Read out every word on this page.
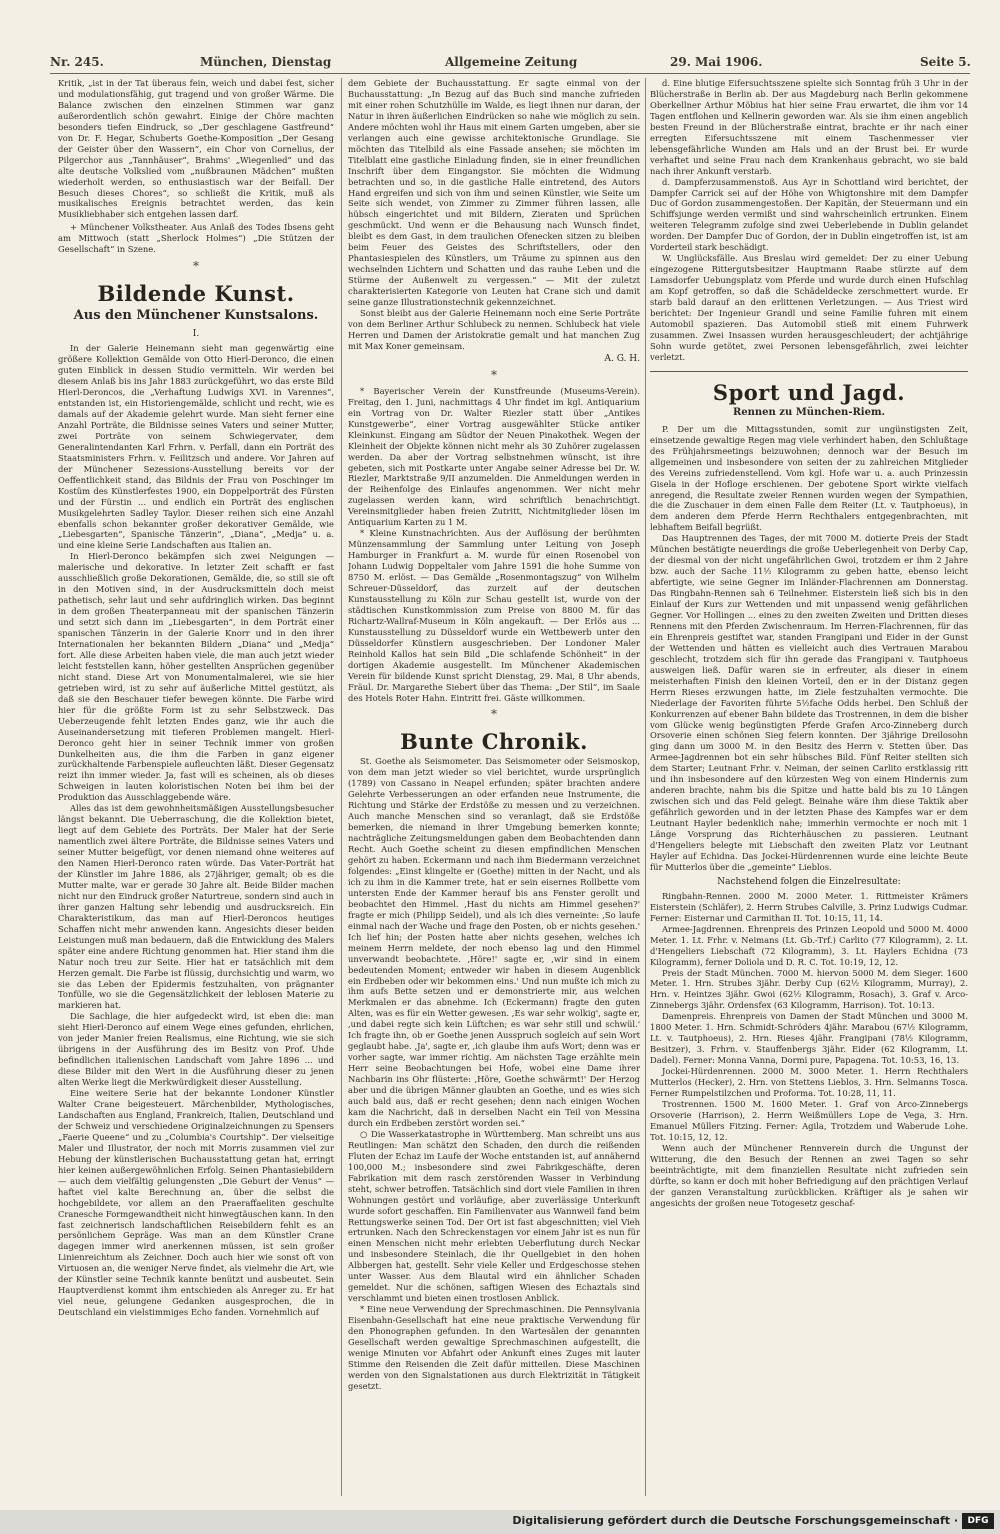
Nr. 245.	München, Dienstag	Allgemeine Zeitung	29. Mai 1906.	Seite 5.

Kritik, „ist in der Tat überaus fein, weich und dabei fest, sicher und modulationsfähig, gut tragend und von großer Wärme. Die Balance zwischen den einzelnen Stimmen war ganz außerordentlich schön gewahrt. Einige der Chöre machten besonders tiefen Eindruck, so „Der geschlagene Gastfreund“ von Dr. F. Hegar, Schuberts Goethe-Komposition „Der Gesang der Geister über den Wassern“, ein Chor von Cornelius, der Pilgerchor aus „Tannhäuser“, Brahms' „Wiegenlied“ und das alte deutsche Volkslied vom „nußbraunen Mädchen“ mußten wiederholt werden, so enthusiastisch war der Beifall. Der Besuch dieses Chores“, so schließt die Kritik, muß als musikalisches Ereignis betrachtet werden, das kein Musikliebhaber sich entgehen lassen darf.

+ Münchener Volkstheater. Aus Anlaß des Todes Ibsens geht am Mittwoch (statt „Sherlock Holmes“) „Die Stützen der Gesellschaft“ in Szene.

*
Bildende Kunst.
Aus den Münchener Kunstsalons.
I.

In der Galerie Heinemann sieht man gegenwärtig eine größere Kollektion Gemälde von Otto Hierl-Deronco, die einen guten Einblick in dessen Studio vermitteln. Wir werden bei diesem Anlaß bis ins Jahr 1883 zurückgeführt, wo das erste Bild Hierl-Deroncos, die „Verhaftung Ludwigs XVI. in Varennes“, entstanden ist, ein Historiengemälde, schlicht und recht, wie es damals auf der Akademie gelehrt wurde. Man sieht ferner eine Anzahl Porträte, die Bildnisse seines Vaters und seiner Mutter, zwei Porträte von seinem Schwiegervater, dem Generalintendanten Karl Frhrn. v. Perfall, dann ein Porträt des Staatsministers Frhrn. v. Feilitzsch und andere. Vor Jahren auf der Münchener Sezessions-Ausstellung bereits vor der Oeffentlichkeit stand, das Bildnis der Frau von Poschinger im Kostüm des Künstlerfestes 1900, ein Doppelporträt des Fürsten und der Fürstin ... und endlich ein Porträt des englischen Musikgelehrten Sadley Taylor. Dieser reihen sich eine Anzahl ebenfalls schon bekannter großer dekorativer Gemälde, wie „Liebesgarten“, Spanische Tänzerin“, „Diana“, „Medja“ u. a. und eine kleine Serie Landschaften aus Italien an.

In Hierl-Deronco bekämpfen sich zwei Neigungen — malerische und dekorative. In letzter Zeit schafft er fast ausschließlich große Dekorationen, Gemälde, die, so still sie oft in den Motiven sind, in der Ausdrucksmitteln doch meist pathetisch, sehr laut und sehr aufdringlich wirken. Das beginnt in dem großen Theaterpanneau mit der spanischen Tänzerin und setzt sich dann im „Liebesgarten“, in dem Porträt einer spanischen Tänzerin in der Galerie Knorr und in den ihrer Internationalen her bekannten Bildern „Diana“ und „Medja“ fort. Alle diese Arbeiten haben viele, die man auch jetzt wieder leicht feststellen kann, höher gestellten Ansprüchen gegenüber nicht stand. Diese Art von Monumentalmalerei, wie sie hier getrieben wird, ist zu sehr auf äußerliche Mittel gestützt, als daß sie den Beschauer tiefer bewegen könnte. Die Farbe wird hier für die größte Form ist zu sehr Selbstzweck. Das Ueberzeugende fehlt letzten Endes ganz, wie ihr auch die Auseinandersetzung mit tieferen Problemen mangelt. Hierl-Deronco geht hier in seiner Technik immer von großen Dunkelheiten aus, die ihm die Farben in ganz eigener zurückhaltende Farbenspiele aufleuchten läßt. Dieser Gegensatz reizt ihn immer wieder. Ja, fast will es scheinen, als ob dieses Schweigen in lauten koloristischen Noten bei ihm bei der Produktion das Ausschlaggebende wäre.

Alles das ist dem gewohnheitsmäßigen Ausstellungsbesucher längst bekannt. Die Ueberraschung, die die Kollektion bietet, liegt auf dem Gebiete des Porträts. Der Maler hat der Serie namentlich zwei ältere Porträte, die Bildnisse seines Vaters und seiner Mutter beigefügt, vor denen niemand ohne weiteres auf den Namen Hierl-Deronco raten würde. Das Vater-Porträt hat der Künstler im Jahre 1886, als 27jähriger, gemalt; ob es die Mutter malte, war er gerade 30 Jahre alt. Beide Bilder machen nicht nur den Eindruck großer Naturtreue, sondern sind auch in ihrer ganzen Haltung sehr lebendig und ausdrucksreich. Ein Charakteristikum, das man auf Hierl-Deroncos heutiges Schaffen nicht mehr anwenden kann. Angesichts dieser beiden Leistungen muß man bedauern, daß die Entwicklung des Malers später eine andere Richtung genommen hat. Hier stand ihm die Natur noch treu zur Seite. Hier hat er tatsächlich mit dem Herzen gemalt. Die Farbe ist flüssig, durchsichtig und warm, wo sie das Leben der Epidermis festzuhalten, von prägnanter Tonfülle, wo sie die Gegensätzlichkeit der leblosen Materie zu markieren hat.

Die Sachlage, die hier aufgedeckt wird, ist eben die: man sieht Hierl-Deronco auf einem Wege eines gefunden, ehrlichen, von jeder Manier freien Realismus, eine Richtung, wie sie sich übrigens in der Ausführung des im Besitz von Prof. Uhde befindlichen italienischen Landschaft vom Jahre 1896 ... und diese Bilder mit den Wert in die Ausführung dieser zu jenen alten Werke liegt die Merkwürdigkeit dieser Ausstellung.

Eine weitere Serie hat der bekannte Londoner Künstler Walter Crane beigesteuert. Märchenbilder, Mythologisches, Landschaften aus England, Frankreich, Italien, Deutschland und der Schweiz und verschiedene Originalzeichnungen zu Spensers „Faerie Queene“ und zu „Columbia's Courtship“. Der vielseitige Maler und Illustrator, der noch mit Morris zusammen viel zur Hebung der künstlerischen Buchausstattung getan hat, erringt hier keinen außergewöhnlichen Erfolg. Seinen Phantasiebildern — auch dem vielfältig gelungensten „Die Geburt der Venus“ — haftet viel kalte Berechnung an, über die selbst die hochgebildete, vor allem an den Praeraffaeliten geschulte Cranesche Formgewandtheit nicht hinwegtäuschen kann. In den fast zeichnerisch landschaftlichen Reisebildern fehlt es an persönlichem Gepräge. Was man an dem Künstler Crane dagegen immer wird anerkennen müssen, ist sein großer Linienreichtum als Zeichner. Doch auch hier wie sonst oft von Virtuosen an, die weniger Nerve findet, als vielmehr die Art, wie der Künstler seine Technik kannte benützt und ausbeutet. Sein Hauptverdienst kommt ihm entschieden als Anreger zu. Er hat viel neue, gelungene Gedanken ausgesprochen, die in Deutschland ein vielstimmiges Echo fanden. Vornehmlich auf

dem Gebiete der Buchausstattung. Er sagte einmal von der Buchausstattung: „In Bezug auf das Buch sind manche zufrieden mit einer rohen Schutzhülle im Walde, es liegt ihnen nur daran, der Natur in ihren äußerlichen Eindrücken so nahe wie möglich zu sein. Andere möchten wohl ihr Haus mit einem Garten umgeben, aber sie verlangen auch eine gewisse architektonische Grundlage. Sie möchten das Titelbild als eine Fassade ansehen; sie möchten im Titelblatt eine gastliche Einladung finden, sie in einer freundlichen Inschrift über dem Eingangstor. Sie möchten die Widmung betrachten und so, in die gastliche Halle eintretend, des Autors Hand ergreifen und sich von ihm und seinen Künstler, wie Seite um Seite sich wendet, von Zimmer zu Zimmer führen lassen, alle hübsch eingerichtet und mit Bildern, Zieraten und Sprüchen geschmückt. Und wenn er die Behausung nach Wunsch findet, bleibt es dem Gast, in dem traulichen Ofenecken sitzen zu bleiben beim Feuer des Geistes des Schriftstellers, oder den Phantasiespielen des Künstlers, um Träume zu spinnen aus den wechselnden Lichtern und Schatten und das rauhe Leben und die Stürme der Außenwelt zu vergessen.“ — Mit der zuletzt charakterisierten Kategorie von Leuten hat Crane sich und damit seine ganze Illustrationstechnik gekennzeichnet.

Sonst bleibt aus der Galerie Heinemann noch eine Serie Porträte von dem Berliner Arthur Schlubeck zu nennen. Schlubeck hat viele Herren und Damen der Aristokratie gemalt und hat manchen Zug mit Max Koner gemeinsam.

A. G. H.
*

* Bayerischer Verein der Kunstfreunde (Museums-Verein). Freitag, den 1. Juni, nachmittags 4 Uhr findet im kgl. Antiquarium ein Vortrag von Dr. Walter Riezler statt über „Antikes Kunstgewerbe“, einer Vortrag ausgewählter Stücke antiker Kleinkunst. Eingang am Südtor der Neuen Pinakothek. Wegen der Kleinheit der Objekte können nicht mehr als 30 Zuhörer zugelassen werden. Da aber der Vortrag selbstnehmen wünscht, ist ihre gebeten, sich mit Postkarte unter Angabe seiner Adresse bei Dr. W. Riezler, Marktstraße 9/II anzumelden. Die Anmeldungen werden in der Reihenfolge des Einlaufes angenommen. Wer nicht mehr zugelassen werden kann, wird schriftlich benachrichtigt. Vereinsmitglieder haben freien Zutritt, Nichtmitglieder lösen im Antiquarium Karten zu 1 M.

* Kleine Kunstnachrichten. Aus der Auflösung der berühmten Münzensammlung der Sammlung unter Leitung von Joseph Hamburger in Frankfurt a. M. wurde für einen Rosenobel von Johann Ludwig Doppeltaler vom Jahre 1591 die hohe Summe von 8750 M. erlöst. — Das Gemälde „Rosenmontagszug“ von Wilhelm Schreuer-Düsseldorf, das zurzeit auf der deutschen Kunstausstellung zu Köln zur Schau gestellt ist, wurde von der städtischen Kunstkommission zum Preise von 8800 M. für das Richartz-Wallraf-Museum in Köln angekauft. — Der Erlös aus ... Kunstausstellung zu Düsseldorf wurde ein Wettbewerb unter den Düsseldorfer Künstlern ausgeschrieben. Der Londoner Maler Reinhold Kallos hat sein Bild „Die schlafende Schönheit“ in der dortigen Akademie ausgestellt. Im Münchener Akademischen Verein für bildende Kunst spricht Dienstag, 29. Mai, 8 Uhr abends, Fräul. Dr. Margarethe Siebert über das Thema: „Der Stil“, im Saale des Hotels Roter Hahn. Eintritt frei. Gäste willkommen.

*
Bunte Chronik.

St. Goethe als Seismometer. Das Seismometer oder Seismoskop, von dem man jetzt wieder so viel berichtet, wurde ursprünglich (1789) von Cassano in Neapel erfunden; später brachten andere Gelehrte Verbesserungen an oder erfanden neue Instrumente, die Richtung und Stärke der Erdstöße zu messen und zu verzeichnen. Auch manche Menschen sind so veranlagt, daß sie Erdstöße bemerken, die niemand in ihrer Umgebung bemerken konnte; nachträgliche Zeitungsmeldungen gaben dem Beobachtenden dann Recht. Auch Goethe scheint zu diesen empfindlichen Menschen gehört zu haben. Eckermann und nach ihm Biedermann verzeichnet folgendes: „Einst klingelte er (Goethe) mitten in der Nacht, und als ich zu ihm in die Kammer trete, hat er sein eisernes Rollbette vom untersten Ende der Kammer herauf bis ans Fenster gerollt und beobachtet den Himmel. ,Hast du nichts am Himmel gesehen?' fragte er mich (Philipp Seidel), und als ich dies verneinte: ,So laufe einmal nach der Wache und frage den Posten, ob er nichts gesehen.' Ich lief hin; der Posten hatte aber nichts gesehen, welches ich meinem Herrn meldete, der noch ebenso lag und den Himmel unverwandt beobachtete. ,Höre!' sagte er, ,wir sind in einem bedeutenden Moment; entweder wir haben in diesem Augenblick ein Erdbeben oder wir bekommen eins.' Und nun mußte ich mich zu ihm aufs Bette setzen und er demonstrierte mir, aus welchen Merkmalen er das abnehme. Ich (Eckermann) fragte den guten Alten, was es für ein Wetter gewesen. ,Es war sehr wolkig', sagte er, ,und dabei regte sich kein Lüftchen; es war sehr still und schwül.' Ich fragte ihn, ob er Goethe jenen Ausspruch sogleich auf sein Wort geglaubt habe. ,Ja', sagte er, ,ich glaube ihm aufs Wort; denn was er vorher sagte, war immer richtig. Am nächsten Tage erzählte mein Herr seine Beobachtungen bei Hofe, wobei eine Dame ihrer Nachbarin ins Ohr flüsterte: ,Höre, Goethe schwärmt!' Der Herzog aber und die übrigen Männer glaubten an Goethe, und es wies sich auch bald aus, daß er recht gesehen; denn nach einigen Wochen kam die Nachricht, daß in derselben Nacht ein Teil von Messina durch ein Erdbeben zerstört worden sei.“

○ Die Wasserkatastrophe in Württemberg. Man schreibt uns aus Reutlingen: Man schätzt den Schaden, den durch die reißenden Fluten der Echaz im Laufe der Woche entstanden ist, auf annähernd 100,000 M.; insbesondere sind zwei Fabrikgeschäfte, deren Fabrikation mit dem rasch zerstörenden Wasser in Verbindung steht, schwer betroffen. Tatsächlich sind dort viele Familien in ihren Wohnungen gestört und vorläufige, aber zuverlässige Unterkunft wurde sofort geschaffen. Ein Familienvater aus Wannweil fand beim Rettungswerke seinen Tod. Der Ort ist fast abgeschnitten; viel Vieh ertrunken. Nach den Schreckenstagen vor einem Jahr ist es nun für einen Menschen nicht mehr erlebten Ueberflutung durch Neckar und insbesondere Steinlach, die ihr Quellgebiet in den hohen Albbergen hat, gestellt. Sehr viele Keller und Erdgeschosse stehen unter Wasser. Aus dem Blautal wird ein ähnlicher Schaden gemeldet. Nur die schönen, saftigen Wiesen des Echaztals sind verschlammt und bieten einen trostlosen Anblick.

* Eine neue Verwendung der Sprechmaschinen. Die Pennsylvania Eisenbahn-Gesellschaft hat eine neue praktische Verwendung für den Phonographen gefunden. In den Wartesälen der genannten Gesellschaft werden gewaltige Sprechmaschinen aufgestellt, die wenige Minuten vor Abfahrt oder Ankunft eines Zuges mit lauter Stimme den Reisenden die Zeit dafür mitteilen. Diese Maschinen werden von den Signalstationen aus durch Elektrizität in Tätigkeit gesetzt.

d. Eine blutige Eifersuchtsszene spielte sich Sonntag früh 3 Uhr in der Blücherstraße in Berlin ab. Der aus Magdeburg nach Berlin gekommene Oberkellner Arthur Möbius hat hier seine Frau erwartet, die ihm vor 14 Tagen entflohen und Kellnerin geworden war. Als sie ihm einen angeblich besten Freund in der Blücherstraße eintrat, brachte er ihr nach einer erregten Eifersuchtsszene mit einem Taschenmesser vier lebensgefährliche Wunden am Hals und an der Brust bei. Er wurde verhaftet und seine Frau nach dem Krankenhaus gebracht, wo sie bald nach ihrer Ankunft verstarb.

d. Dampferzusammenstoß. Aus Ayr in Schottland wird berichtet, der Dampfer Carrick sei auf der Höhe von Whigtonshire mit dem Dampfer Duc of Gordon zusammengestoßen. Der Kapitän, der Steuermann und ein Schiffsjunge werden vermißt und sind wahrscheinlich ertrunken. Einem weiteren Telegramm zufolge sind zwei Ueberlebende in Dublin gelandet worden. Der Dampfer Duc of Gordon, der in Dublin eingetroffen ist, ist am Vorderteil stark beschädigt.

W. Unglücksfälle. Aus Breslau wird gemeldet: Der zu einer Uebung eingezogene Rittergutsbesitzer Hauptmann Raabe stürzte auf dem Lamsdorfer Uebungsplatz vom Pferde und wurde durch einen Hufschlag am Kopf getroffen, so daß die Schädeldecke zerschmettert wurde. Er starb bald darauf an den erlittenen Verletzungen. — Aus Triest wird berichtet: Der Ingenieur Grandl und seine Familie fuhren mit einem Automobil spazieren. Das Automobil stieß mit einem Fuhrwerk zusammen. Zwei Insassen wurden herausgeschleudert; der achtjährige Sohn wurde getötet, zwei Personen lebensgefährlich, zwei leichter verletzt.

Sport und Jagd.
Rennen zu München-Riem.

P. Der um die Mittagsstunden, somit zur ungünstigsten Zeit, einsetzende gewaltige Regen mag viele verhindert haben, den Schlußtage des Frühjahrsmeetings beizuwohnen; dennoch war der Besuch im allgemeinen und insbesondere von seiten der zu zahlreichen Mitglieder des Vereins zufriedenstellend. Vom kgl. Hofe war u. a. auch Prinzessin Gisela in der Hofloge erschienen. Der gebotene Sport wirkte vielfach anregend, die Resultate zweier Rennen wurden wegen der Sympathien, die die Zuschauer in dem einen Falle dem Reiter (Lt. v. Tautphoeus), in dem anderen dem Pferde Herrn Rechthalers entgegenbrachten, mit lebhaftem Beifall begrüßt.

Das Hauptrennen des Tages, der mit 7000 M. dotierte Preis der Stadt München bestätigte neuerdings die große Ueberlegenheit von Derby Cap, der diesmal von der nicht ungefährlichen Gwoi, trotzdem er ihm 2 Jahre bzw. auch der Sache 11½ Kilogramm zu geben hatte, ebenso leicht abfertigte, wie seine Gegner im Inländer-Flachrennen am Donnerstag. Das Ringbahn-Rennen sah 6 Teilnehmer. Eisterstein ließ sich bis in den Einlauf der Kurs zur Wettenden und mit unpassend wenig gefährlichen Gegner. Vor Hollingen ... eines zu den zweiten Zweiten und Dritten dieses Rennens mit den Pferden Zwischenraum. Im Herren-Flachrennen, für das ein Ehrenpreis gestiftet war, standen Frangipani und Eider in der Gunst der Wettenden und hätten es vielleicht auch dies Vertrauen Marabou geschlecht, trotzdem sich für ihn gerade das Frangipani v. Tautphoeus ausweigen ließ. Dafür waren sie in erfreuter, als dieser in einem meisterhaften Finish den kleinen Vorteil, den er in der Distanz gegen Herrn Rieses erzwungen hatte, im Ziele festzuhalten vermochte. Die Niederlage der Favoriten führte 5½fache Odds herbei. Den Schluß der Konkurrenzen auf ebener Bahn bildete das Trostrennen, in dem die bisher vom Glücke wenig begünstigten Pferde Grafen Arco-Zinneberg durch Orsoverie einen schönen Sieg feiern konnten. Der 3jährige Dreilosohn ging dann um 3000 M. in den Besitz des Herrn v. Stetten über. Das Armee-Jagdrennen bot ein sehr hübsches Bild. Fünf Reiter stellten sich dem Starter; Leutnant Frhr. v. Neiman, der seinen Carlito erstklassig ritt und ihn insbesondere auf den kürzesten Weg von einem Hindernis zum anderen brachte, nahm bis die Spitze und hatte bald bis zu 10 Längen zwischen sich und das Feld gelegt. Beinahe wäre ihm diese Taktik aber gefährlich geworden und in der letzten Phase des Kampfes war er dem Leutnant Hayler bedenklich nahe; immerhin vermochte er noch mit 1 Länge Vorsprung das Richterhäuschen zu passieren. Leutnant d'Hengeliers belegte mit Liebschaft den zweiten Platz vor Leutnant Hayler auf Echidna. Das Jockei-Hürdenrennen wurde eine leichte Beute für Mutterlos über die „gemeinte“ Lieblos.

Nachstehend folgen die Einzelresultate:

Ringbahn-Rennen. 2000 M. 2000 Meter. 1. Rittmeister Krämers Eisterstein (Schläfer), 2. Herrn Strubes Calville, 3. Prinz Ludwigs Cudmar. Ferner: Eisternar und Carmithan II. Tot. 10:15, 11, 14.

Armee-Jagdrennen. Ehrenpreis des Prinzen Leopold und 5000 M. 4000 Meter. 1. Lt. Frhr. v. Neimans (Lt. Gb.-Trf.) Carlito (77 Kilogramm), 2. Lt. d'Hengeliers Liebschaft (72 Kilogramm), 3. Lt. Haylers Echidna (73 Kilogramm), ferner Doliola und D. R. C. Tot. 10:19, 12, 12.

Preis der Stadt München. 7000 M. hiervon 5000 M. dem Sieger. 1600 Meter. 1. Hrn. Strubes 3jähr. Derby Cup (62½ Kilogramm, Murray), 2. Hrn. v. Heintzes 3jähr. Gwoi (62½ Kilogramm, Rosach), 3. Graf v. Arco-Zinnebergs 3jähr. Ordensfex (63 Kilogramm, Harrison). Tot. 10:13.

Damenpreis. Ehrenpreis von Damen der Stadt München und 3000 M. 1800 Meter. 1. Hrn. Schmidt-Schröders 4jähr. Marabou (67½ Kilogramm, Lt. v. Tautphoeus), 2. Hrn. Rieses 4jähr. Frangipani (78½ Kilogramm, Besitzer), 3. Frhrn. v. Stauffenbergs 3jähr. Eider (62 Kilogramm, Lt. Dadel). Ferner: Monna Vanna, Dormi pure, Papagena. Tot. 10:53, 16, 13.

Jockei-Hürdenrennen. 2000 M. 3000 Meter. 1. Herrn Rechthalers Mutterlos (Hecker), 2. Hrn. von Stettens Lieblos, 3. Hrn. Selmanns Tosca. Ferner Rumpelstilzchen und Proforma. Tot. 10:28, 11, 11.

Trostrennen. 1500 M. 1600 Meter. 1. Graf von Arco-Zinnebergs Orsoverie (Harrison), 2. Herrn Weißmüllers Lope de Vega, 3. Hrn. Emanuel Müllers Fitzing. Ferner: Agila, Trotzdem und Waberude Lohe. Tot. 10:15, 12, 12.

Wenn auch der Münchener Rennverein durch die Ungunst der Witterung, die den Besuch der Rennen an zwei Tagen so sehr beeinträchtigte, mit dem finanziellen Resultate nicht zufrieden sein dürfte, so kann er doch mit hoher Befriedigung auf den prächtigen Verlauf der ganzen Veranstaltung zurückblicken. Kräftiger als je sahen wir angesichts der großen neue Totogesetz geschaf-

Digitalisierung gefördert durch die Deutsche Forschungsgemeinschaft ·	DFG
